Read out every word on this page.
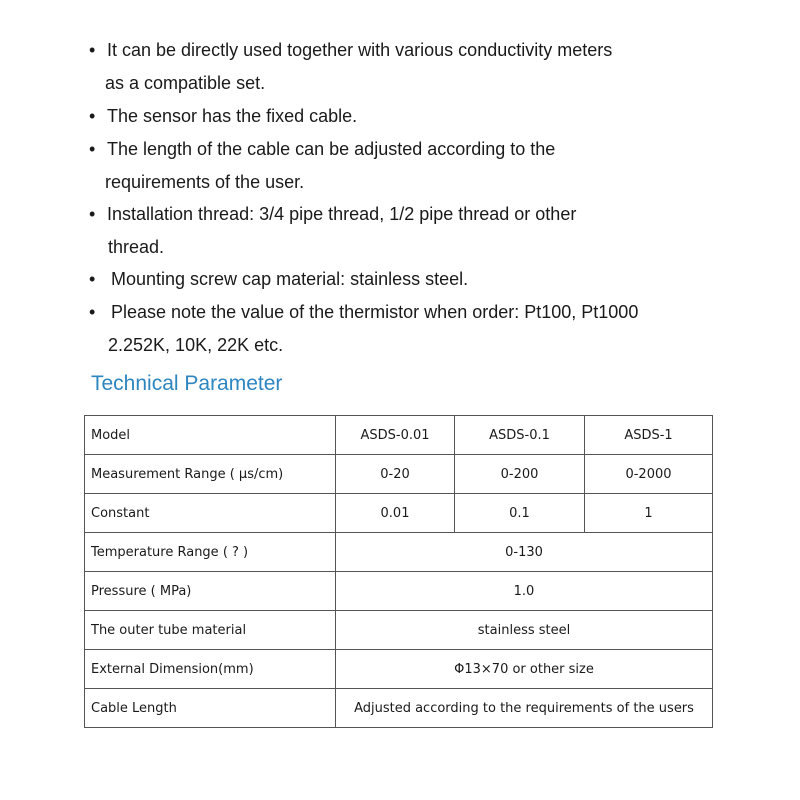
• It can be directly used together with various conductivity meters
as a compatible set.
• The sensor has the fixed cable.
• The length of the cable can be adjusted according to the
requirements of the user.
• Installation thread: 3/4 pipe thread, 1/2 pipe thread or other
thread.
• Mounting screw cap material: stainless steel.
• Please note the value of the thermistor when order: Pt100, Pt1000
2.252K, 10K, 22K etc.
Technical Parameter
Model	ASDS-0.01	ASDS-0.1	ASDS-1
Measurement Range ( μs/cm)	0-20	0-200	0-2000
Constant	0.01	0.1	1
Temperature Range ( ? )	0-130		
Pressure ( MPa)	1.0		
The outer tube material	stainless steel		
External Dimension(mm)	Φ13×70 or other size		
Cable Length	Adjusted according to the requirements of the users		
